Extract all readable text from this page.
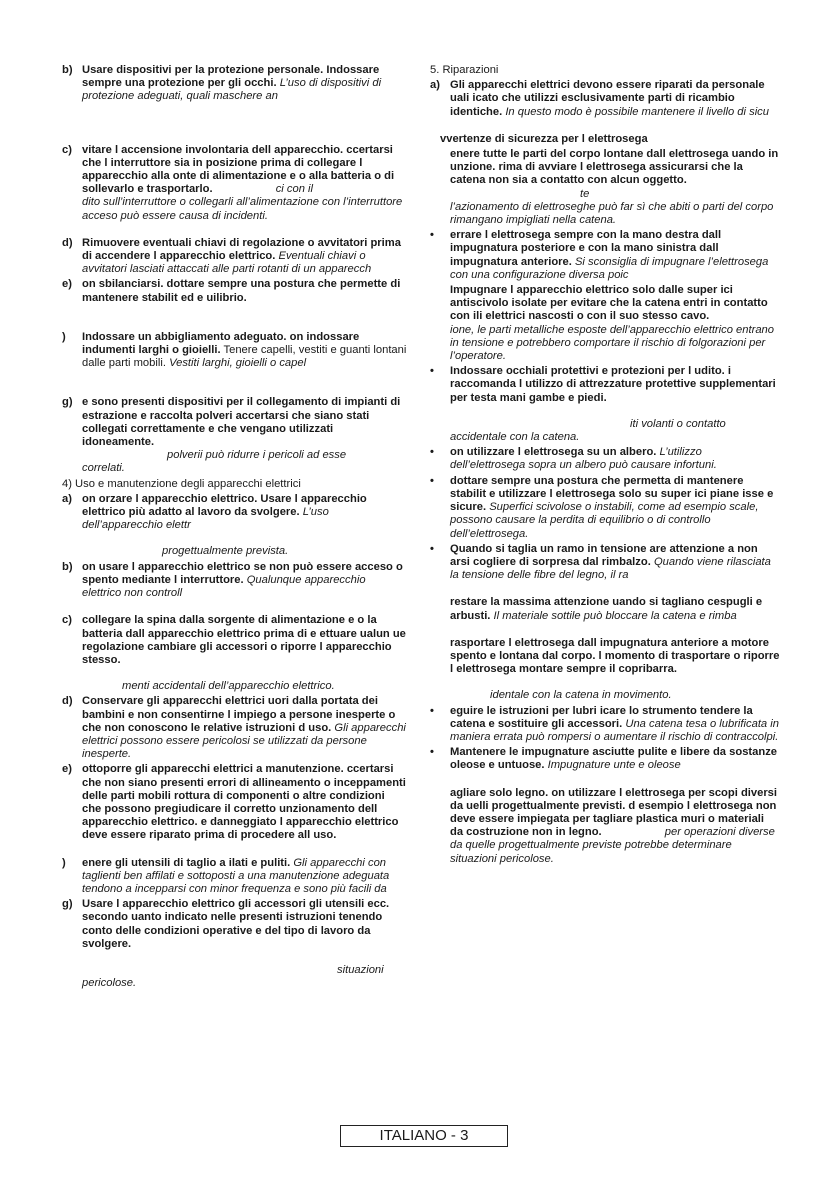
b) Usare dispositivi per la protezione personale. Indossare sempre una protezione per gli occhi. L’uso di dispositivi di protezione adeguati, quali maschere an
c) vitare l accensione involontaria dell apparecchio. ccertarsi che l interruttore sia in posizione prima di collegare l apparecchio alla onte di alimentazione e o alla batteria o di sollevarlo e trasportarlo.	ci con il
dito sull’interruttore o collegarli all’alimentazione con l’interruttore acceso può essere causa di incidenti.
d) Rimuovere eventuali chiavi di regolazione o avvitatori prima di accendere l apparecchio elettrico. Eventuali chiavi o avvitatori lasciati attaccati alle parti rotanti di un apparecch
e) on sbilanciarsi. dottare sempre una postura che permette di mantenere stabilit ed e uilibrio.
) Indossare un abbigliamento adeguato. on indossare indumenti larghi o gioielli. Tenere capelli, vestiti e guanti lontani dalle parti mobili. Vestiti larghi, gioielli o capel
g) e sono presenti dispositivi per il collegamento di impianti di estrazione e raccolta polveri accertarsi che siano stati collegati correttamente e che vengano utilizzati idoneamente.
polverii può ridurre i pericoli ad esse
correlati.
4) Uso e manutenzione degli apparecchi elettrici
a) on orzare l apparecchio elettrico. Usare l apparecchio elettrico più adatto al lavoro da svolgere. L’uso dell’apparecchio elettr
progettualmente prevista.
b) on usare l apparecchio elettrico se non può essere acceso o spento mediante l interruttore. Qualunque apparecchio elettrico non controll
c) collegare la spina dalla sorgente di alimentazione e o la batteria dall apparecchio elettrico prima di e ettuare ualun ue regolazione cambiare gli accessori o riporre l apparecchio stesso.
menti accidentali dell’apparecchio elettrico.
d) Conservare gli apparecchi elettrici uori dalla portata dei bambini e non consentirne l impiego a persone inesperte o che non conoscono le relative istruzioni d uso. Gli apparecchi elettrici possono essere pericolosi se utilizzati da persone inesperte.
e) ottoporre gli apparecchi elettrici a manutenzione. ccertarsi che non siano presenti errori di allineamento o inceppamenti delle parti mobili rottura di componenti o altre condizioni che possono pregiudicare il corretto unzionamento dell apparecchio elettrico. e danneggiato l apparecchio elettrico deve essere riparato prima di procedere all uso.
) enere gli utensili di taglio a ilati e puliti. Gli apparecchi con taglienti ben affilati e sottoposti a una manutenzione adeguata tendono a incepparsi con minor frequenza e sono più facili da
g) Usare l apparecchio elettrico gli accessori gli utensili ecc. secondo uanto indicato nelle presenti istruzioni tenendo conto delle condizioni operative e del tipo di lavoro da svolgere.
situazioni
pericolose.
5. Riparazioni
a) Gli apparecchi elettrici devono essere riparati da personale uali icato che utilizzi esclusivamente parti di ricambio identiche. In questo modo è possibile mantenere il livello di sicu
vvertenze di sicurezza per l elettrosega
enere tutte le parti del corpo lontane dall elettrosega uando in unzione. rima di avviare l elettrosega assicurarsi che la catena non sia a contatto con alcun oggetto. te
l’azionamento di elettroseghe può far sì che abiti o parti del corpo rimangano impigliati nella catena.
• errare l elettrosega sempre con la mano destra dall impugnatura posteriore e con la mano sinistra dall impugnatura anteriore. Si sconsiglia di impugnare l’elettrosega con una configurazione diversa poic
Impugnare l apparecchio elettrico solo dalle super ici antiscivolo isolate per evitare che la catena entri in contatto con ili elettrici nascosti o con il suo stesso cavo.
ione, le parti metalliche esposte dell’apparecchio elettrico entrano in tensione e potrebbero comportare il rischio di folgorazioni per l’operatore.
• Indossare occhiali protettivi e protezioni per l udito. i raccomanda l utilizzo di attrezzature protettive supplementari per testa mani gambe e piedi.
iti volanti o contatto
accidentale con la catena.
• on utilizzare l elettrosega su un albero. L’utilizzo dell’elettrosega sopra un albero può causare infortuni.
• dottare sempre una postura che permetta di mantenere stabilit e utilizzare l elettrosega solo su super ici piane isse e sicure. Superfici scivolose o instabili, come ad esempio scale, possono causare la perdita di equilibrio o di controllo dell’elettrosega.
• Quando si taglia un ramo in tensione are attenzione a non arsi cogliere di sorpresa dal rimbalzo. Quando viene rilasciata la tensione delle fibre del legno, il ra
restare la massima attenzione uando si tagliano cespugli e arbusti. Il materiale sottile può bloccare la catena e rimba
rasportare l elettrosega dall impugnatura anteriore a motore spento e lontana dal corpo. l momento di trasportare o riporre l elettrosega montare sempre il copribarra.
idental​e con la catena in movimento.
• eguire le istruzioni per lubri icare lo strumento tendere la catena e sostituire gli accessori. Una catena tesa o lubrificata in maniera errata può rompersi o aumentare il rischio di contraccolpi.
• Mantenere le impugnature asciutte pulite e libere da sostanze oleose e untuose. Impugnature unte e oleose
agliare solo legno. on utilizzare l elettrosega per scopi diversi da uelli progettualmente previsti. d esempio l elettrosega non deve essere impiegata per tagliare plastica muri o materiali da costruzione non in legno.	per operazioni diverse da quelle progettualmente previste potrebbe determinare situazioni pericolose.
ITALIANO - 3
